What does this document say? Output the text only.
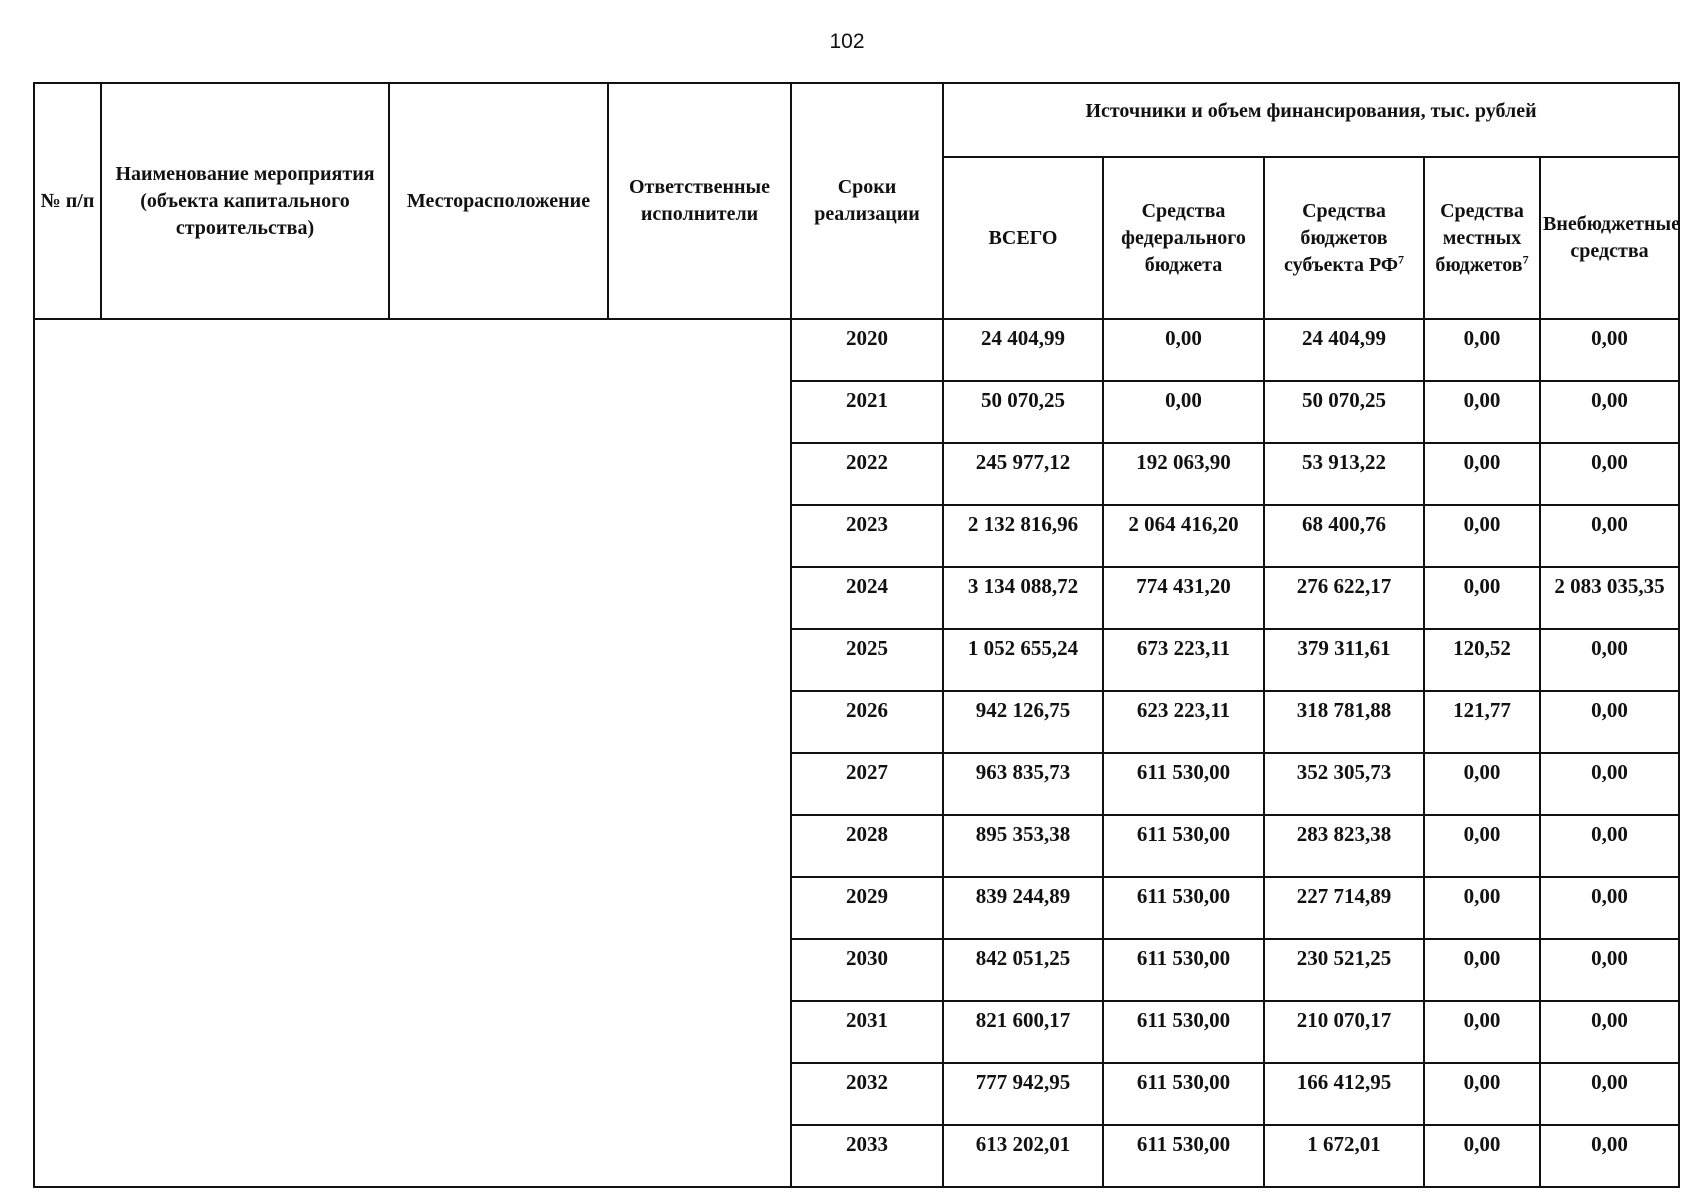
102
№ п/п	Наименование мероприятия (объекта капитального строительства)	Месторасположение	Ответственные исполнители	Сроки реализации	Источники и объем финансирования, тыс. рублей				
					ВСЕГО	Средства федерального бюджета	Средства бюджетов субъекта $РФ^7$	Средства местных бюджетов$^7$	Внебюджетные средства
				2020	24 404,99	0,00	24 404,99	0,00	0,00
				2021	50 070,25	0,00	50 070,25	0,00	0,00
				2022	245 977,12	192 063,90	53 913,22	0,00	0,00
				2023	2 132 816,96	2 064 416,20	68 400,76	0,00	0,00
				2024	3 134 088,72	774 431,20	276 622,17	0,00	2 083 035,35
				2025	1 052 655,24	673 223,11	379 311,61	120,52	0,00
				2026	942 126,75	623 223,11	318 781,88	121,77	0,00
				2027	963 835,73	611 530,00	352 305,73	0,00	0,00
				2028	895 353,38	611 530,00	283 823,38	0,00	0,00
				2029	839 244,89	611 530,00	227 714,89	0,00	0,00
				2030	842 051,25	611 530,00	230 521,25	0,00	0,00
				2031	821 600,17	611 530,00	210 070,17	0,00	0,00
				2032	777 942,95	611 530,00	166 412,95	0,00	0,00
				2033	613 202,01	611 530,00	1 672,01	0,00	0,00
